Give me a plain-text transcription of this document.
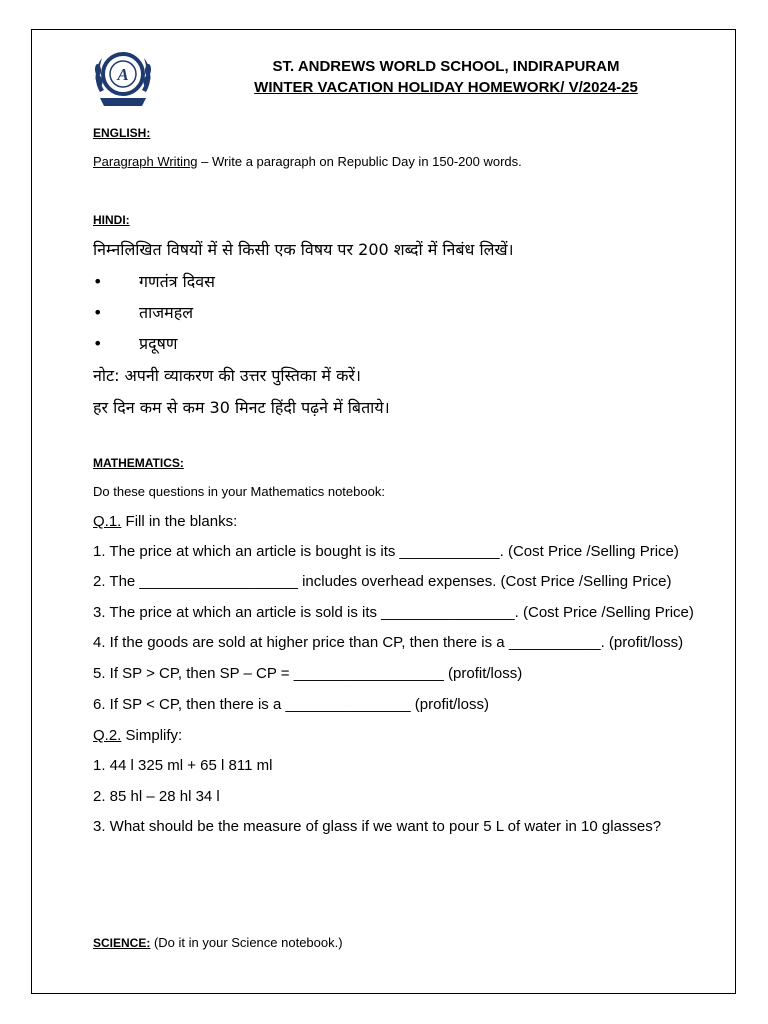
A	ST. ANDREWS WORLD SCHOOL, INDIRAPURAM
WINTER VACATION HOLIDAY HOMEWORK/ V/2024-25
ENGLISH:
Paragraph Writing – Write a paragraph on Republic Day in 150-200 words.
HINDI:
निम्नलिखित विषयों में से किसी एक विषय पर 200 शब्दों में निबंध लिखें।
• गणतंत्र दिवस
• ताजमहल
• प्रदूषण
नोट: अपनी व्याकरण की उत्तर पुस्तिका में करें।
हर दिन कम से कम 30 मिनट हिंदी पढ़ने में बिताये।
MATHEMATICS:
Do these questions in your Mathematics notebook:
Q.1. Fill in the blanks:
1. The price at which an article is bought is its ____________. (Cost Price /Selling Price)
2. The ___________________ includes overhead expenses. (Cost Price /Selling Price)
3. The price at which an article is sold is its ________________. (Cost Price /Selling Price)
4. If the goods are sold at higher price than CP, then there is a ___________. (profit/loss)
5. If SP > CP, then SP – CP = __________________ (profit/loss)
6. If SP < CP, then there is a _______________ (profit/loss)
Q.2. Simplify:
1. 44 l 325 ml + 65 l 811 ml
2. 85 hl – 28 hl 34 l
3. What should be the measure of glass if we want to pour 5 L of water in 10 glasses?
SCIENCE: (Do it in your Science notebook.)
